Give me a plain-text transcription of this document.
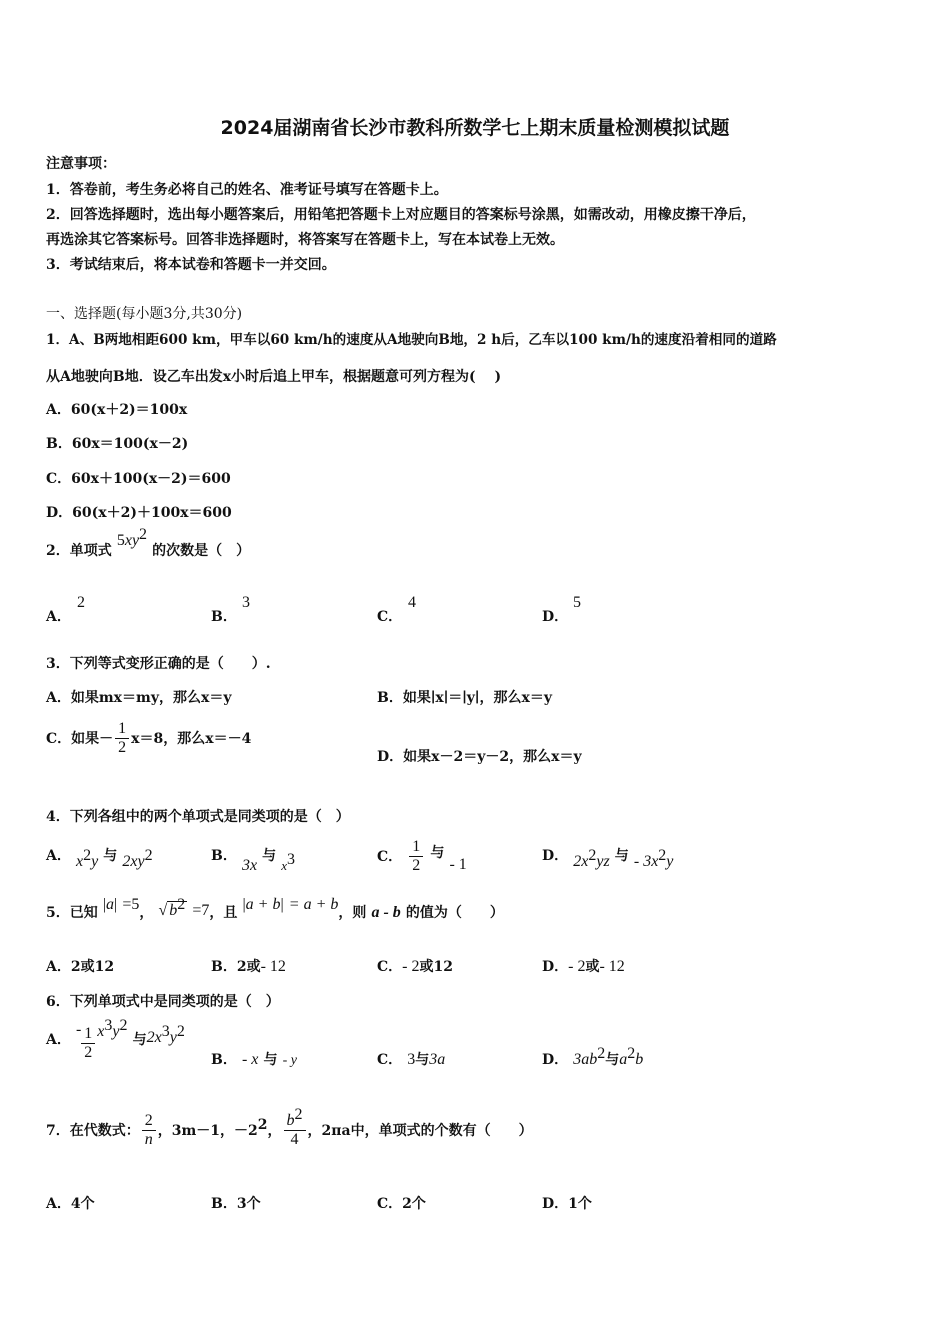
2024届湖南省长沙市教科所数学七上期末质量检测模拟试题
注意事项：
1．答卷前，考生务必将自己的姓名、准考证号填写在答题卡上。
2．回答选择题时，选出每小题答案后，用铅笔把答题卡上对应题目的答案标号涂黑，如需改动，用橡皮擦干净后，
再选涂其它答案标号。回答非选择题时，将答案写在答题卡上，写在本试卷上无效。
3．考试结束后，将本试卷和答题卡一并交回。
一、选择题(每小题3分,共30分)
1．A、B两地相距600 km，甲车以60 km/h的速度从A地驶向B地，2 h后，乙车以100 km/h的速度沿着相同的道路
从A地驶向B地．设乙车出发x小时后追上甲车，根据题意可列方程为(　 )
A．60(x＋2)＝100x
B．60x＝100(x－2)
C．60x＋100(x－2)＝600
D．60(x＋2)＋100x＝600
2．单项式 $5xy^2$ 的次数是（　）
A．
2
B．
3
C．
4
D．
5
3．下列等式变形正确的是（　　）.
A．如果mx＝my，那么x＝y	B．如果∣x∣＝∣y∣，那么x＝y
C．如果－ $\frac{1}{2} x=8$，那么x＝－4
D．如果x－2＝y－2，那么x＝y
4．下列各组中的两个单项式是同类项的是（　）
A． $x^2y$ 与 $2xy^2$	B． 3x 与 $x^3$	C． $\frac{1}{2}$ 与 - 1	D． $2x^2yz$ 与 - $3x^2y$
5．已知 |a| =5， √ $b^2 =7$，且 |a + b| = a + b，则 a - b 的值为（　　）
A．2或12	B．2或- 12	C．- 2或12	D．- 2或- 12
6．下列单项式中是同类项的是（　）
A． - $\frac{1}{2} x^3y^2$ 与$2x^3y^2$
B． - x 与 - y	C． 3与3a	D． $3ab^2$与$a^2b$
7．在代数式： $\frac{2}{n}$ ，3m－1，$-2^2$， $\frac{b^2}{4}$ ，2πa中，单项式的个数有（　　）
A．4个	B．3个	C．2个	D．1个
